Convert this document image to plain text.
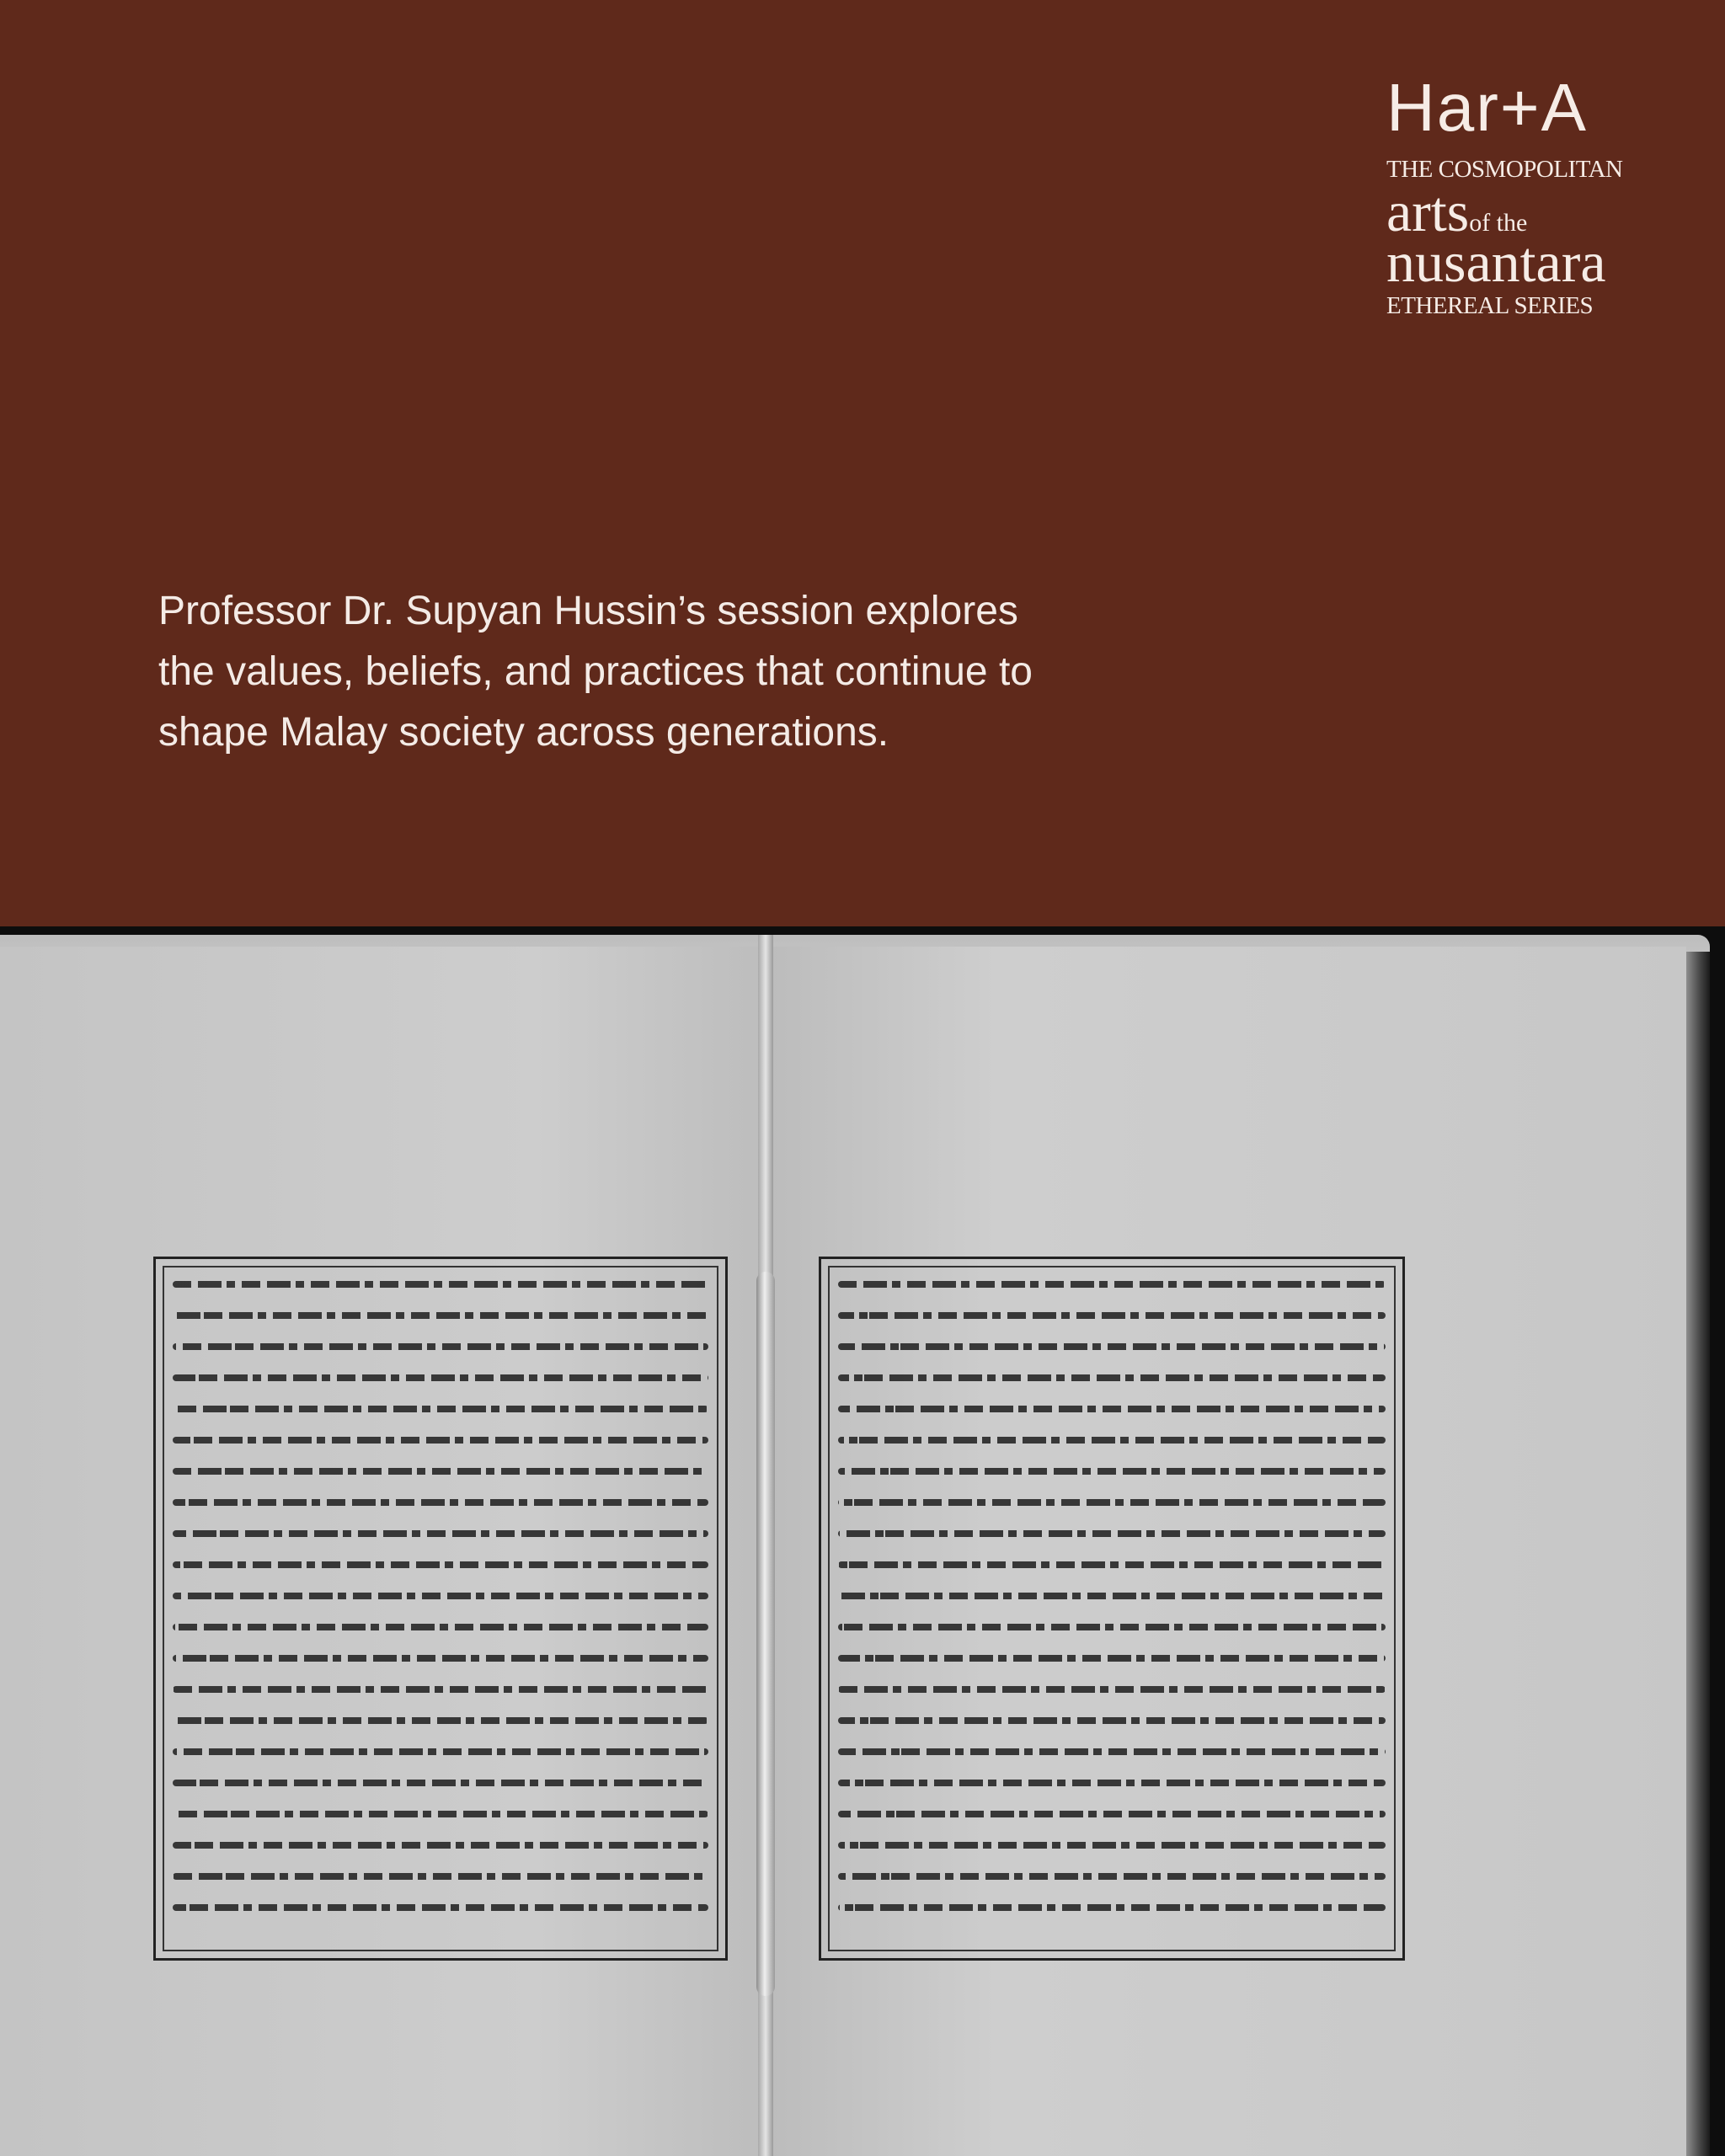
Har+A
THE COSMOPOLITAN
artsof the
nusantara
ETHEREAL SERIES

Professor Dr. Supyan Hussin’s session explores the values, beliefs, and practices that continue to shape Malay society across generations.
